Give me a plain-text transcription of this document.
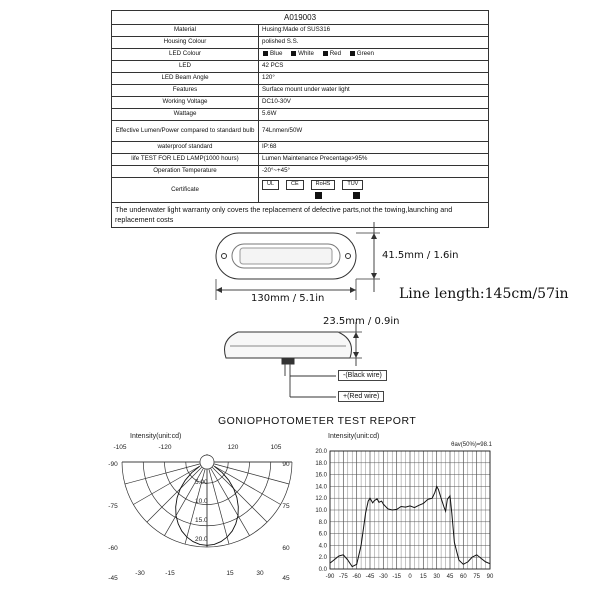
A019003	
Material	Husing:Made of SUS316
Housing Colour	polished S.S.
LED Colour	Blue White Red Green
LED	42 PCS
LED Beam Angle	120°
Features	Surface mount under water light
Working Voltage	DC10-30V
Wattage	5.6W
Effective Lumen/Power compared to standard bulb	74Lnmen/50W
waterproof standard	IP:68
life TEST FOR LED LAMP(1000 hours)	Lumen Maintenance Precentage>95%
Operation Temperature	-20°~+45°
Certificate	UL CE RoHS TUV

The underwater light warranty only covers the replacement of defective parts,not the towing,launching and replacement costs	
41.5mm / 1.6in
130mm / 5.1in	Line length:145cm/57in
23.5mm / 0.9in
-(Black wire)
+(Red wire)
GONIOPHOTOMETER TEST REPORT
Intensity(unit:cd)
5.00
10.0
15.0
20.0
-105	-120	120	105
-90	90
-75	75
-60	60
-45	45
-30	-15	15	30
Intensity(unit:cd)
θav(50%)=98.1
0.0
2.0
4.0
6.0
8.0
10.0
12.0
14.0
16.0
18.0
20.0
-90 -75 -60 -45 -30 -15 0 15 30 45 60 75 90
